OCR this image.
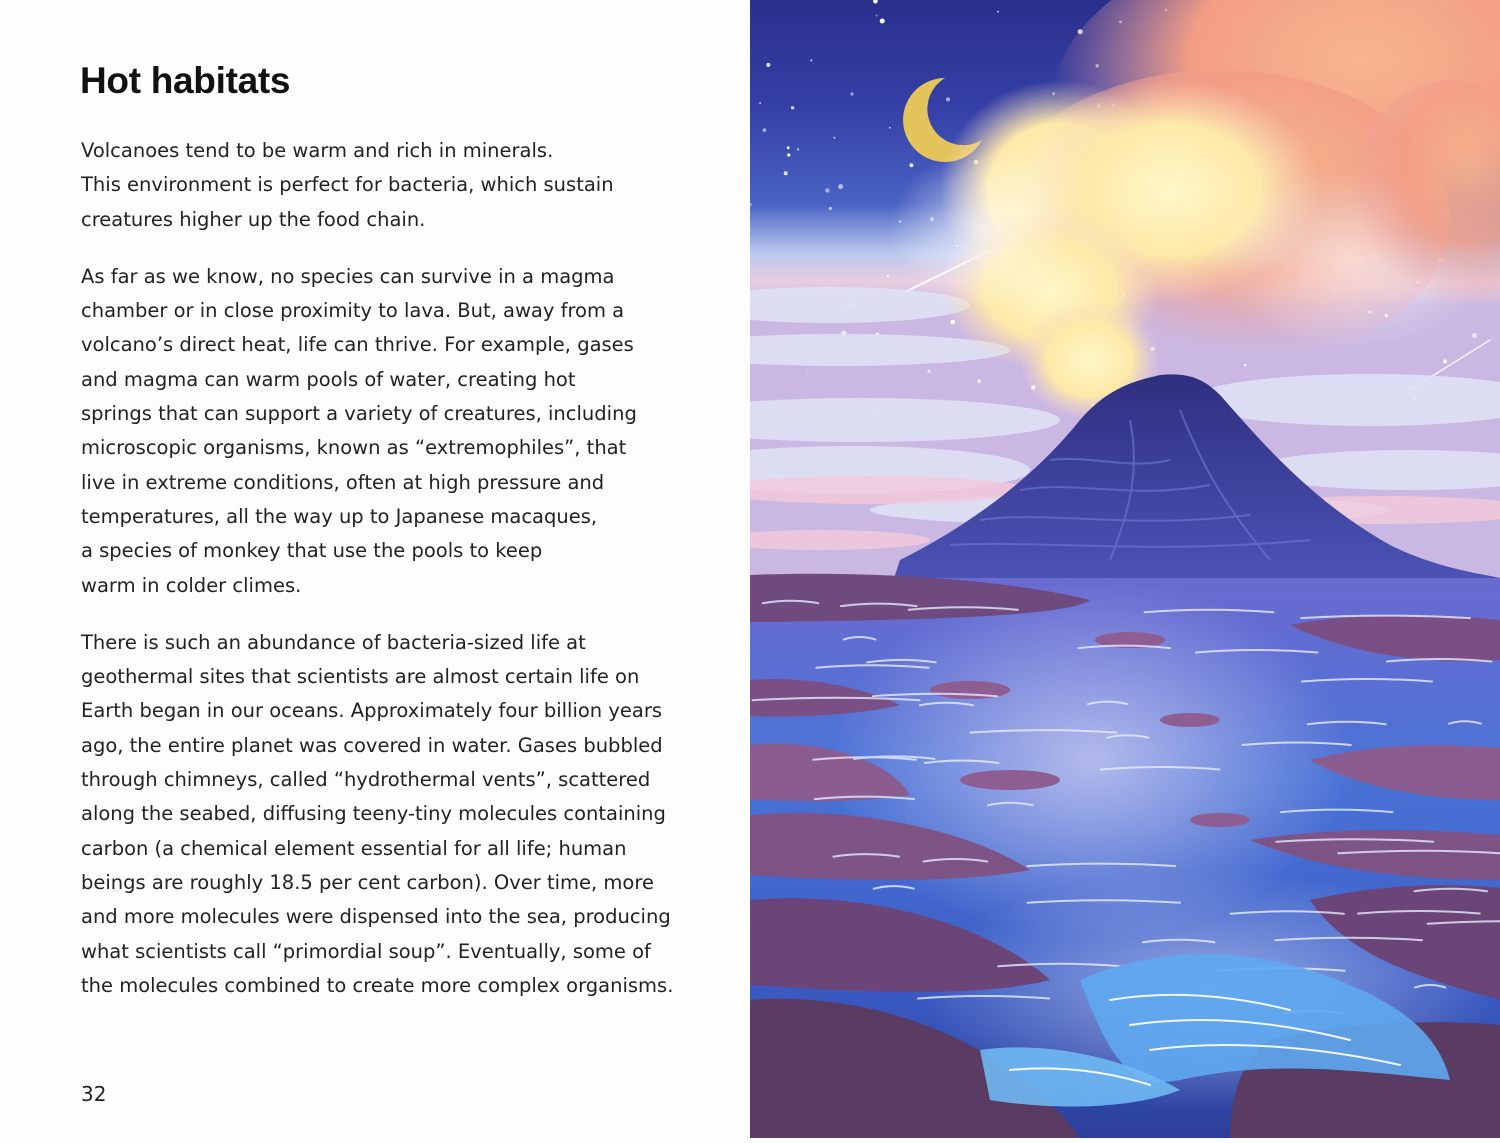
Hot habitats

Volcanoes tend to be warm and rich in minerals.
This environment is perfect for bacteria, which sustain
creatures higher up the food chain.

As far as we know, no species can survive in a magma
chamber or in close proximity to lava. But, away from a
volcano’s direct heat, life can thrive. For example, gases
and magma can warm pools of water, creating hot
springs that can support a variety of creatures, including
microscopic organisms, known as “extremophiles”, that
live in extreme conditions, often at high pressure and
temperatures, all the way up to Japanese macaques,
a species of monkey that use the pools to keep
warm in colder climes.

There is such an abundance of bacteria-sized life at
geothermal sites that scientists are almost certain life on
Earth began in our oceans. Approximately four billion years
ago, the entire planet was covered in water. Gases bubbled
through chimneys, called “hydrothermal vents”, scattered
along the seabed, diffusing teeny-tiny molecules containing
carbon (a chemical element essential for all life; human
beings are roughly 18.5 per cent carbon). Over time, more
and more molecules were dispensed into the sea, producing
what scientists call “primordial soup”. Eventually, some of
the molecules combined to create more complex organisms.

32
